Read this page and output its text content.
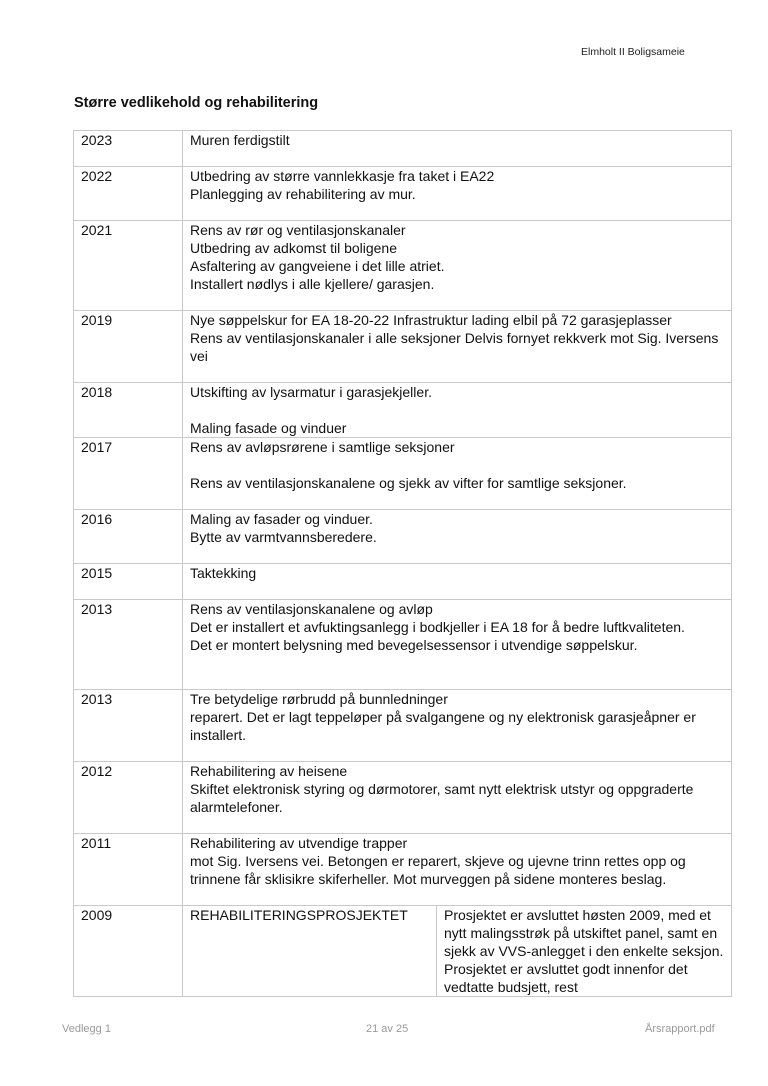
Elmholt II Boligsameie
Større vedlikehold og rehabilitering
2023	Muren ferdigstilt	

2022	Utbedring av større vannlekkasje fra taket i EA22
Planlegging av rehabilitering av mur.	

2021	Rens av rør og ventilasjonskanaler
Utbedring av adkomst til boligene
Asfaltering av gangveiene i det lille atriet.
Installert nødlys i alle kjellere/ garasjen.	

2019	Nye søppelskur for EA 18-20-22 Infrastruktur lading elbil på 72 garasjeplasser
Rens av ventilasjonskanaler i alle seksjoner Delvis fornyet rekkverk mot Sig. Iversens vei	

2018	Utskifting av lysarmatur i garasjekjeller.
Maling fasade og vinduer	

2017	Rens av avløpsrørene i samtlige seksjoner
Rens av ventilasjonskanalene og sjekk av vifter for samtlige seksjoner.	

2016	Maling av fasader og vinduer.
Bytte av varmtvannsberedere.	

2015	Taktekking	

2013	Rens av ventilasjonskanalene og avløp
Det er installert et avfuktingsanlegg i bodkjeller i EA 18 for å bedre luftkvaliteten.
Det er montert belysning med bevegelsessensor i utvendige søppelskur.	

2013	Tre betydelige rørbrudd på bunnledninger
reparert. Det er lagt teppeløper på svalgangene og ny elektronisk garasjeåpner er installert.	

2012	Rehabilitering av heisene
Skiftet elektronisk styring og dørmotorer, samt nytt elektrisk utstyr og oppgraderte alarmtelefoner.	

2011	Rehabilitering av utvendige trapper
mot Sig. Iversens vei. Betongen er reparert, skjeve og ujevne trinn rettes opp og trinnene får sklisikre skiferheller. Mot murveggen på sidene monteres beslag.	

2009	REHABILITERINGSPROSJEKTET	Prosjektet er avsluttet høsten 2009, med et nytt malingsstrøk på utskiftet panel, samt en sjekk av VVS-anlegget i den enkelte seksjon. Prosjektet er avsluttet godt innenfor det vedtatte budsjett, rest
Vedlegg 1	21 av 25	Årsrapport.pdf
